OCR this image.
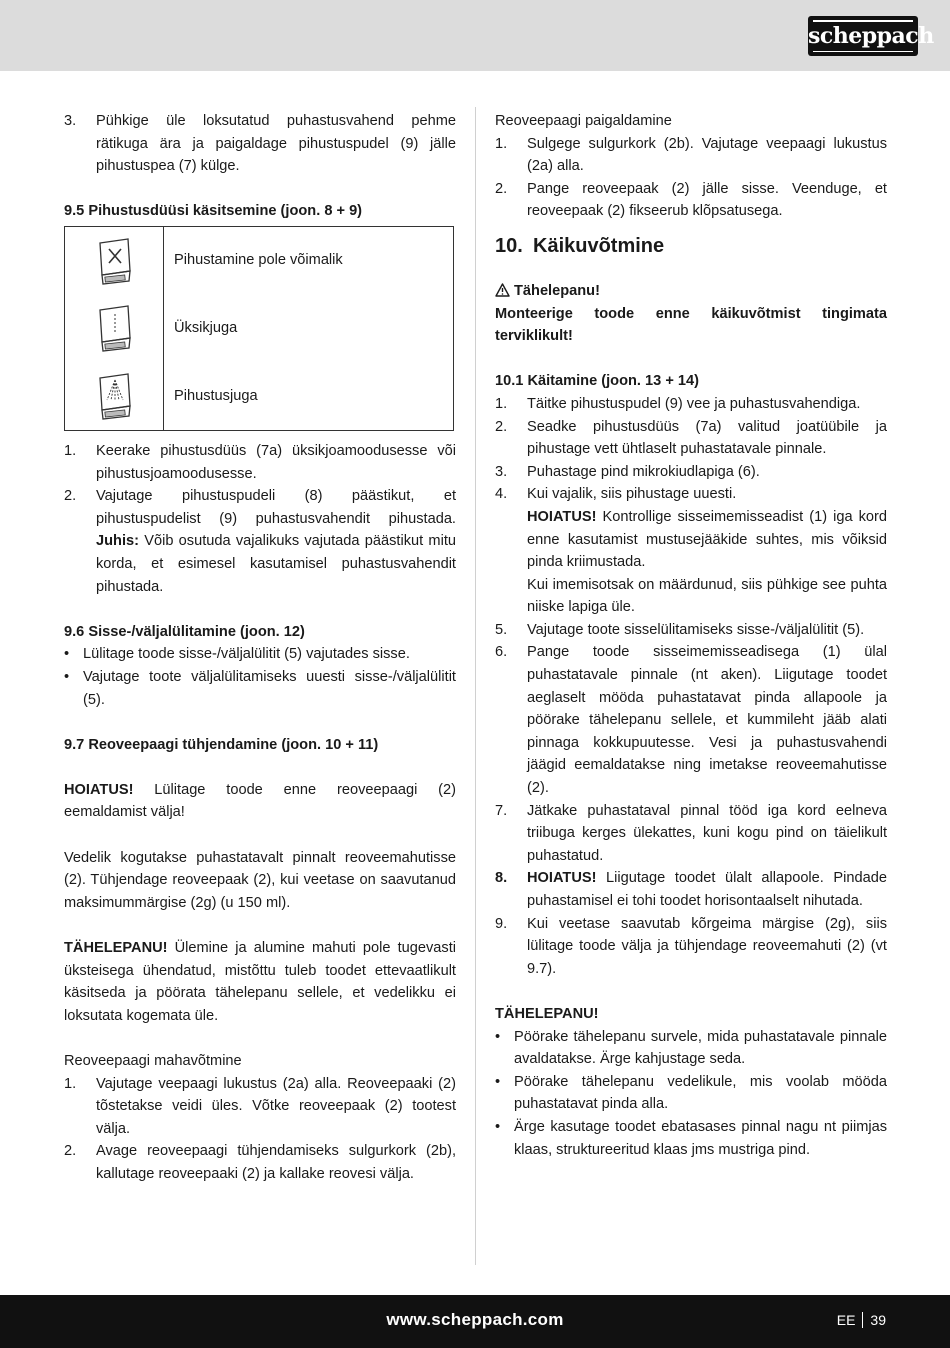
scheppach
3.	Pühkige üle loksutatud puhastusvahend pehme rätikuga ära ja paigaldage pihustuspudel (9) jälle pihustuspea (7) külge.
9.5 Pihustusdüüsi käsitsemine (joon. 8 + 9)
	Pihustamine pole võimalik

	Üksikjuga

	Pihustusjuga
1.	Keerake pihustusdüüs (7a) üksikjoamoodusesse või pihustusjoamoodusesse.
2.	Vajutage pihustuspudeli (8) päästikut, et pihustuspudelist (9) puhastusvahendit pihustada. Juhis: Võib osutuda vajalikuks vajutada päästikut mitu korda, et esimesel kasutamisel puhastusvahendit pihustada.
9.6 Sisse-/väljalülitamine (joon. 12)
• Lülitage toode sisse-/väljalülitit (5) vajutades sisse.
• Vajutage toote väljalülitamiseks uuesti sisse-/väljalülitit (5).
9.7 Reoveepaagi tühjendamine (joon. 10 + 11)

HOIATUS! Lülitage toode enne reoveepaagi (2) eemaldamist välja!

Vedelik kogutakse puhastatavalt pinnalt reoveemahutisse (2). Tühjendage reoveepaak (2), kui veetase on saavutanud maksimummärgise (2g) (u 150 ml).

TÄHELEPANU! Ülemine ja alumine mahuti pole tugevasti üksteisega ühendatud, mistõttu tuleb toodet ettevaatlikult käsitseda ja pöörata tähelepanu sellele, et vedelikku ei loksutata kogemata üle.

Reoveepaagi mahavõtmine
1.	Vajutage veepaagi lukustus (2a) alla. Reoveepaaki (2) tõstetakse veidi üles. Võtke reoveepaak (2) tootest välja.
2.	Avage reoveepaagi tühjendamiseks sulgurkork (2b), kallutage reoveepaaki (2) ja kallake reovesi välja.
Reoveepaagi paigaldamine
1.	Sulgege sulgurkork (2b). Vajutage veepaagi lukustus (2a) alla.
2.	Pange reoveepaak (2) jälle sisse. Veenduge, et reoveepaak (2) fikseerub klõpsatusega.
10. Käikuvõtmine
Tähelepanu!

Monteerige toode enne käikuvõtmist tingimata terviklikult!

10.1 Käitamine (joon. 13 + 14)
1.	Täitke pihustuspudel (9) vee ja puhastusvahendiga.
2.	Seadke pihustusdüüs (7a) valitud joatüübile ja pihustage vett ühtlaselt puhastatavale pinnale.
3.	Puhastage pind mikrokiudlapiga (6).
4.	Kui vajalik, siis pihustage uuesti.
HOIATUS! Kontrollige sisseimemisseadist (1) iga kord enne kasutamist mustusejääkide suhtes, mis võiksid pinda kriimustada.
Kui imemisotsak on määrdunud, siis pühkige see puhta niiske lapiga üle.
5.	Vajutage toote sisselülitamiseks sisse-/väljalülitit (5).
6.	Pange toode sisseimemisseadisega (1) ülal puhastatavale pinnale (nt aken). Liigutage toodet aeglaselt mööda puhastatavat pinda allapoole ja pöörake tähelepanu sellele, et kummileht jääb alati pinnaga kokkupuutesse. Vesi ja puhastusvahendi jäägid eemaldatakse ning imetakse reoveemahutisse (2).
7.	Jätkake puhastataval pinnal tööd iga kord eelneva triibuga kerges ülekattes, kuni kogu pind on täielikult puhastatud.
8.	HOIATUS! Liigutage toodet ülalt allapoole. Pindade puhastamisel ei tohi toodet horisontaalselt nihutada.
9.	Kui veetase saavutab kõrgeima märgise (2g), siis lülitage toode välja ja tühjendage reoveemahuti (2) (vt 9.7).
TÄHELEPANU!
• Pöörake tähelepanu survele, mida puhastatavale pinnale avaldatakse. Ärge kahjustage seda.
• Pöörake tähelepanu vedelikule, mis voolab mööda puhastatavat pinda alla.
• Ärge kasutage toodet ebatasases pinnal nagu nt piimjas klaas, struktureeritud klaas jms mustriga pind.
www.scheppach.com	EE 39
